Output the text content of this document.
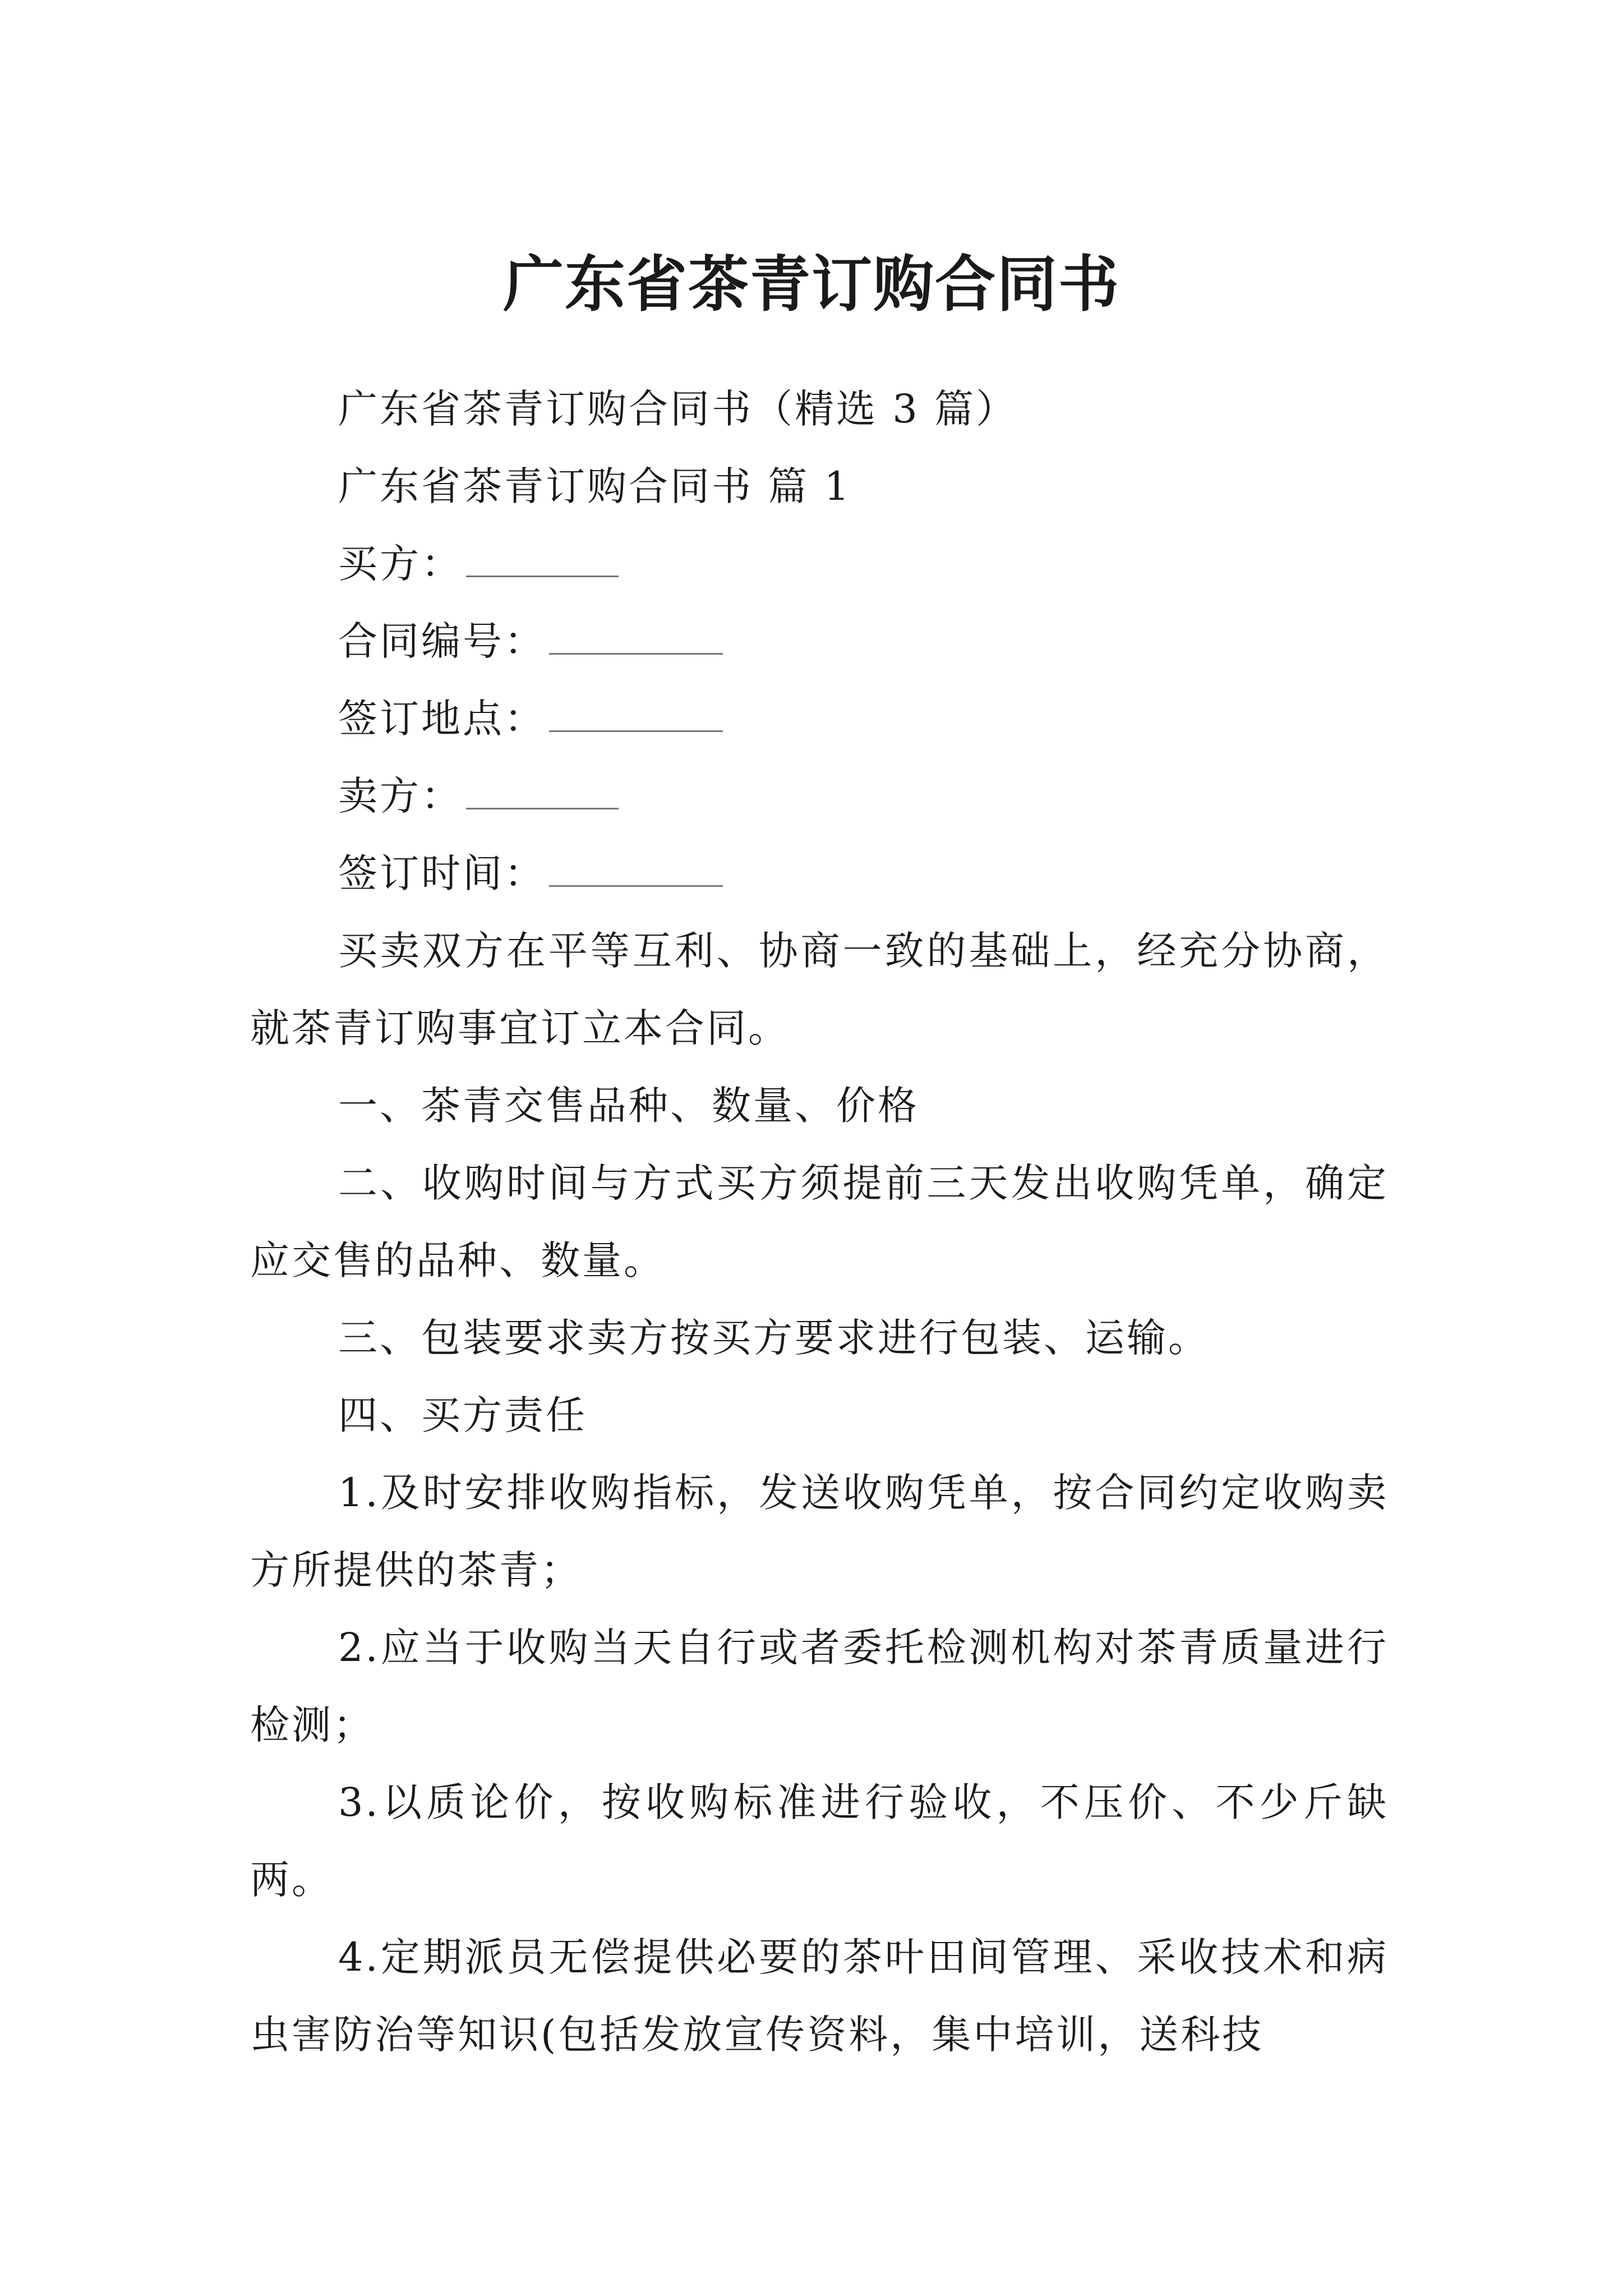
广东省茶青订购合同书

广东省茶青订购合同书（精选 3 篇）

广东省茶青订购合同书 篇 1

买方：

合同编号：

签订地点：

卖方：

签订时间：

买卖双方在平等互利、协商一致的基础上，经充分协商，就茶青订购事宜订立本合同。

一、茶青交售品种、数量、价格

二、收购时间与方式买方须提前三天发出收购凭单，确定应交售的品种、数量。

三、包装要求卖方按买方要求进行包装、运输。

四、买方责任

1.及时安排收购指标，发送收购凭单，按合同约定收购卖方所提供的茶青；

2.应当于收购当天自行或者委托检测机构对茶青质量进行检测；

3.以质论价，按收购标准进行验收，不压价、不少斤缺两。

4.定期派员无偿提供必要的茶叶田间管理、采收技术和病虫害防治等知识(包括发放宣传资料，集中培训，送科技
